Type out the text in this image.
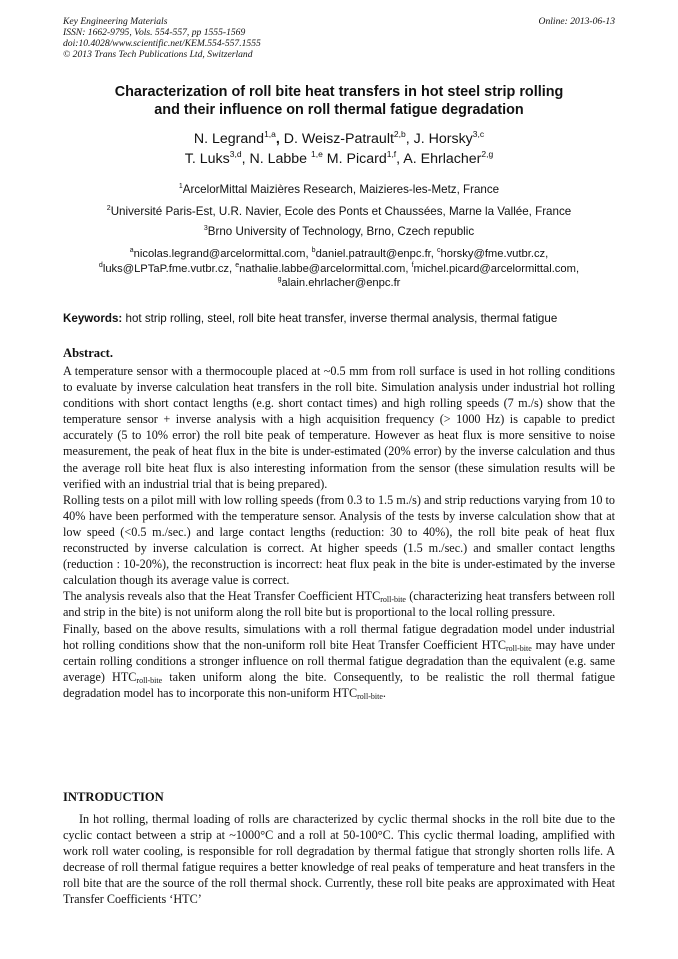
Key Engineering Materials	Online: 2013-06-13
ISSN: 1662-9795, Vols. 554-557, pp 1555-1569
doi:10.4028/www.scientific.net/KEM.554-557.1555
© 2013 Trans Tech Publications Ltd, Switzerland
Characterization of roll bite heat transfers in hot steel strip rolling
and their influence on roll thermal fatigue degradation
N. Legrand$^{1,a}$, D. Weisz-Patrault$^{2,b}$, J. Horsky$^{3,c}$
T. Luks$^{3,d}$, N. Labbe $^{1,e}$ M. Picard$^{1,f}$, A. Ehrlacher$^{2,g}$
$^1$ArcelorMittal Maizières Research, Maizieres-les-Metz, France
$^2$Université Paris-Est, U.R. Navier, Ecole des Ponts et Chaussées, Marne la Vallée, France
$^3$Brno University of Technology, Brno, Czech republic
$^a$nicolas.legrand@arcelormittal.com, $^b$daniel.patrault@enpc.fr, $^c$horsky@fme.vutbr.cz,
$^d$luks@LPTaP.fme.vutbr.cz, $^e$nathalie.labbe@arcelormittal.com, $^f$michel.picard@arcelormittal.com,
$^g$alain.ehrlacher@enpc.fr
Keywords: hot strip rolling, steel, roll bite heat transfer, inverse thermal analysis, thermal fatigue
Abstract.

A temperature sensor with a thermocouple placed at ~0.5 mm from roll surface is used in hot rolling conditions to evaluate by inverse calculation heat transfers in the roll bite. Simulation analysis under industrial hot rolling conditions with short contact lengths (e.g. short contact times) and high rolling speeds (7 m./s) show that the temperature sensor + inverse analysis with a high acquisition frequency (> 1000 Hz) is capable to predict accurately (5 to 10% error) the roll bite peak of temperature. However as heat flux is more sensitive to noise measurement, the peak of heat flux in the bite is under-estimated (20% error) by the inverse calculation and thus the average roll bite heat flux is also interesting information from the sensor (these simulation results will be verified with an industrial trial that is being prepared).

Rolling tests on a pilot mill with low rolling speeds (from 0.3 to 1.5 m./s) and strip reductions varying from 10 to 40% have been performed with the temperature sensor. Analysis of the tests by inverse calculation show that at low speed (<0.5 m./sec.) and large contact lengths (reduction: 30 to 40%), the roll bite peak of heat flux reconstructed by inverse calculation is correct. At higher speeds (1.5 m./sec.) and smaller contact lengths (reduction : 10-20%), the reconstruction is incorrect: heat flux peak in the bite is under-estimated by the inverse calculation though its average value is correct.

The analysis reveals also that the Heat Transfer Coefficient $HTC_{roll-bite}$ (characterizing heat transfers between roll and strip in the bite) is not uniform along the roll bite but is proportional to the local rolling pressure.

Finally, based on the above results, simulations with a roll thermal fatigue degradation model under industrial hot rolling conditions show that the non-uniform roll bite Heat Transfer Coefficient $HTC_{roll-bite}$ may have under certain rolling conditions a stronger influence on roll thermal fatigue degradation than the equivalent (e.g. same average) $HTC_{roll-bite}$ taken uniform along the bite. Consequently, to be realistic the roll thermal fatigue degradation model has to incorporate this non-uniform $HTC_{roll-bite}$.

INTRODUCTION

In hot rolling, thermal loading of rolls are characterized by cyclic thermal shocks in the roll bite due to the cyclic contact between a strip at ~1000°C and a roll at 50-100°C. This cyclic thermal loading, amplified with work roll water cooling, is responsible for roll degradation by thermal fatigue that strongly shorten rolls life. A decrease of roll thermal fatigue requires a better knowledge of real peaks of temperature and heat transfers in the roll bite that are the source of the roll thermal shock. Currently, these roll bite peaks are approximated with Heat Transfer Coefficients ‘HTC’
